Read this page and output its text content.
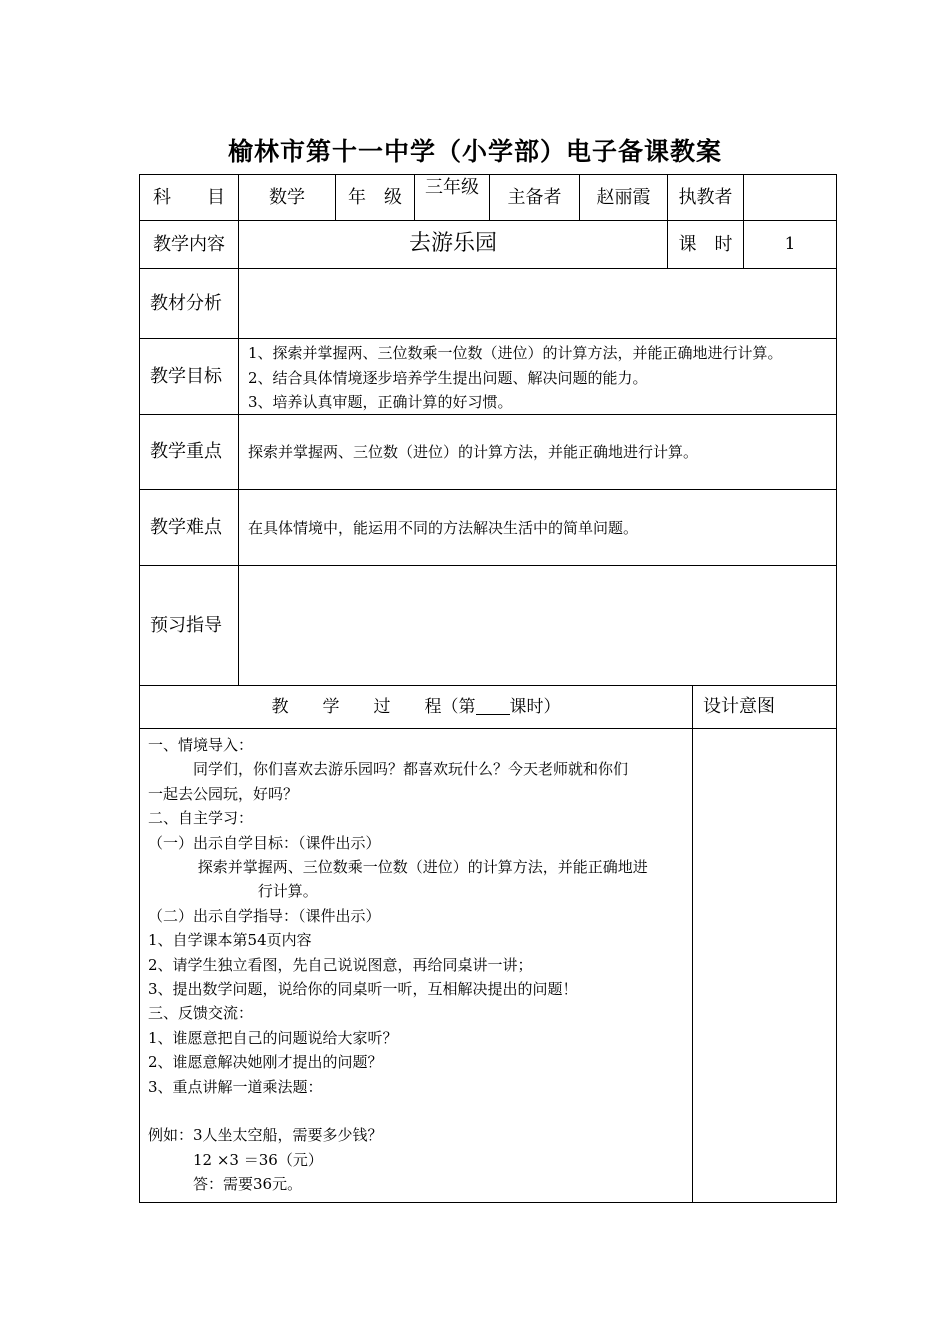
榆林市第十一中学（小学部）电子备课教案
科　　目	数学	年　级	三年级	主备者	赵丽霞	执教者
教学内容	去游乐园	课　时	1
教材分析
教学目标
1、探索并掌握两、三位数乘一位数（进位）的计算方法，并能正确地进行计算。
2、结合具体情境逐步培养学生提出问题、解决问题的能力。
3、培养认真审题，正确计算的好习惯。
教学重点	探索并掌握两、三位数（进位）的计算方法，并能正确地进行计算。
教学难点	在具体情境中，能运用不同的方法解决生活中的简单问题。
预习指导
教　　学　　过　　程（第 课时）	设计意图
一、情境导入：
　　　同学们，你们喜欢去游乐园吗？都喜欢玩什么？今天老师就和你们
一起去公园玩，好吗？
二、自主学习：
（一）出示自学目标：（课件出示）
　　　 探索并掌握两、三位数乘一位数（进位）的计算方法，并能正确地进
　　　　　　　 行计算。
（二）出示自学指导：（课件出示）
1、自学课本第54页内容
2、请学生独立看图，先自己说说图意，再给同桌讲一讲；
3、提出数学问题，说给你的同桌听一听，互相解决提出的问题！
三、反馈交流：
1、谁愿意把自己的问题说给大家听？
2、谁愿意解决她刚才提出的问题？
3、重点讲解一道乘法题：
例如：3人坐太空船，需要多少钱？
　　　12 ×3 ＝36（元）
　　　答：需要36元。
